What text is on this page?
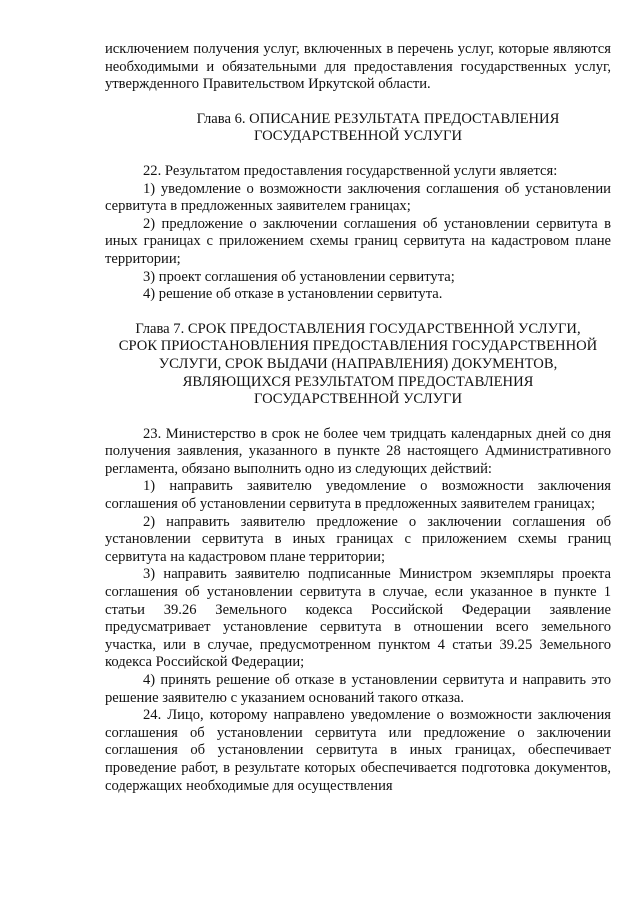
исключением получения услуг, включенных в перечень услуг, которые являются необходимыми и обязательными для предоставления государственных услуг, утвержденного Правительством Иркутской области.

Глава 6. ОПИСАНИЕ РЕЗУЛЬТАТА ПРЕДОСТАВЛЕНИЯ
ГОСУДАРСТВЕННОЙ УСЛУГИ

22. Результатом предоставления государственной услуги является:

1) уведомление о возможности заключения соглашения об установлении сервитута в предложенных заявителем границах;

2) предложение о заключении соглашения об установлении сервитута в иных границах с приложением схемы границ сервитута на кадастровом плане территории;

3) проект соглашения об установлении сервитута;

4) решение об отказе в установлении сервитута.

Глава 7. СРОК ПРЕДОСТАВЛЕНИЯ ГОСУДАРСТВЕННОЙ УСЛУГИ,
СРОК ПРИОСТАНОВЛЕНИЯ ПРЕДОСТАВЛЕНИЯ ГОСУДАРСТВЕННОЙ
УСЛУГИ, СРОК ВЫДАЧИ (НАПРАВЛЕНИЯ) ДОКУМЕНТОВ,
ЯВЛЯЮЩИХСЯ РЕЗУЛЬТАТОМ ПРЕДОСТАВЛЕНИЯ
ГОСУДАРСТВЕННОЙ УСЛУГИ

23. Министерство в срок не более чем тридцать календарных дней со дня получения заявления, указанного в пункте 28 настоящего Административного регламента, обязано выполнить одно из следующих действий:

1) направить заявителю уведомление о возможности заключения соглашения об установлении сервитута в предложенных заявителем границах;

2) направить заявителю предложение о заключении соглашения об установлении сервитута в иных границах с приложением схемы границ сервитута на кадастровом плане территории;

3) направить заявителю подписанные Министром экземпляры проекта соглашения об установлении сервитута в случае, если указанное в пункте 1 статьи 39.26 Земельного кодекса Российской Федерации заявление предусматривает установление сервитута в отношении всего земельного участка, или в случае, предусмотренном пунктом 4 статьи 39.25 Земельного кодекса Российской Федерации;

4) принять решение об отказе в установлении сервитута и направить это решение заявителю с указанием оснований такого отказа.

24. Лицо, которому направлено уведомление о возможности заключения соглашения об установлении сервитута или предложение о заключении соглашения об установлении сервитута в иных границах, обеспечивает проведение работ, в результате которых обеспечивается подготовка документов, содержащих необходимые для осуществления
